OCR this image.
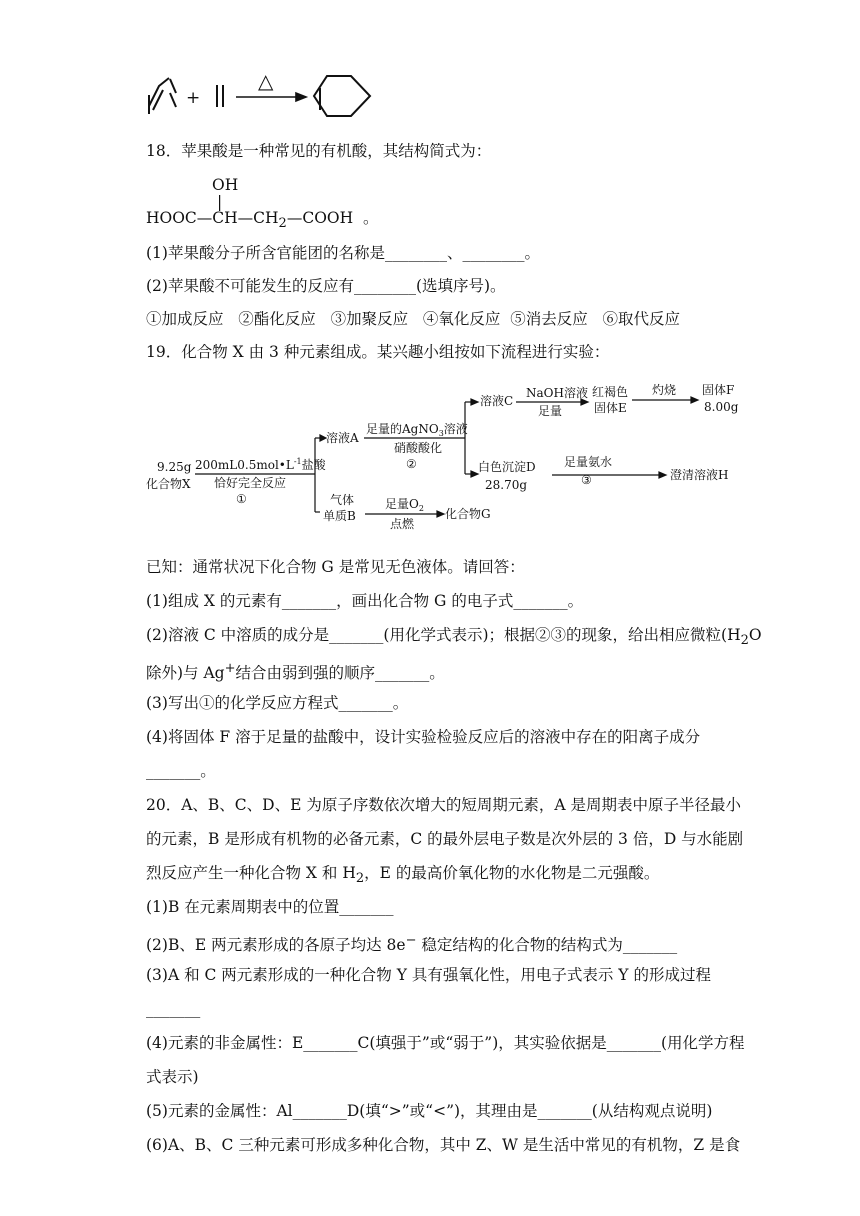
+
△
18．苹果酸是一种常见的有机酸，其结构简式为：
OH
|
$HOOC—CH—CH_2—COOH$ 。
(1)苹果酸分子所含官能团的名称是________、________。
(2)苹果酸不可能发生的反应有________(选填序号)。
①加成反应   ②酯化反应   ③加聚反应   ④氧化反应  ⑤消去反应   ⑥取代反应
19．化合物 X 由 3 种元素组成。某兴趣小组按如下流程进行实验：
9.25g
化合物X
$200mL0.5mol•L^{-1}$盐酸
恰好完全反应
①
溶液A
气体
单质B
足量的AgNO$_3$溶液
硝酸酸化
②
足量$O_2$
点燃
化合物G
溶液C
NaOH溶液
足量
红褐色
固体E
灼烧 固体F
8.00g
白色沉淀D
28.70g
足量氨水
③	澄清溶液H
已知：通常状况下化合物 G 是常见无色液体。请回答：
(1)组成 X 的元素有_______，画出化合物 G 的电子式_______。
(2)溶液 C 中溶质的成分是_______(用化学式表示)；根据②③的现象，给出相应微粒($H_2O$
除外)与 Ag+结合由弱到强的顺序_______。
(3)写出①的化学反应方程式_______。
(4)将固体 F 溶于足量的盐酸中，设计实验检验反应后的溶液中存在的阳离子成分
_______。
20．A、B、C、D、E 为原子序数依次增大的短周期元素，A 是周期表中原子半径最小
的元素，B 是形成有机物的必备元素，C 的最外层电子数是次外层的 3 倍，D 与水能剧
烈反应产生一种化合物 X 和 $H_2$，E 的最高价氧化物的水化物是二元强酸。
(1)B 在元素周期表中的位置_______
(2)B、E 两元素形成的各原子均达 8e− 稳定结构的化合物的结构式为_______
(3)A 和 C 两元素形成的一种化合物 Y 具有强氧化性，用电子式表示 Y 的形成过程
_______
(4)元素的非金属性：E_______C(填强于”或“弱于”)，其实验依据是_______(用化学方程
式表示)
(5)元素的金属性：Al_______D(填“>”或“<”)，其理由是_______(从结构观点说明)
(6)A、B、C 三种元素可形成多种化合物，其中 Z、W 是生活中常见的有机物，Z 是食
